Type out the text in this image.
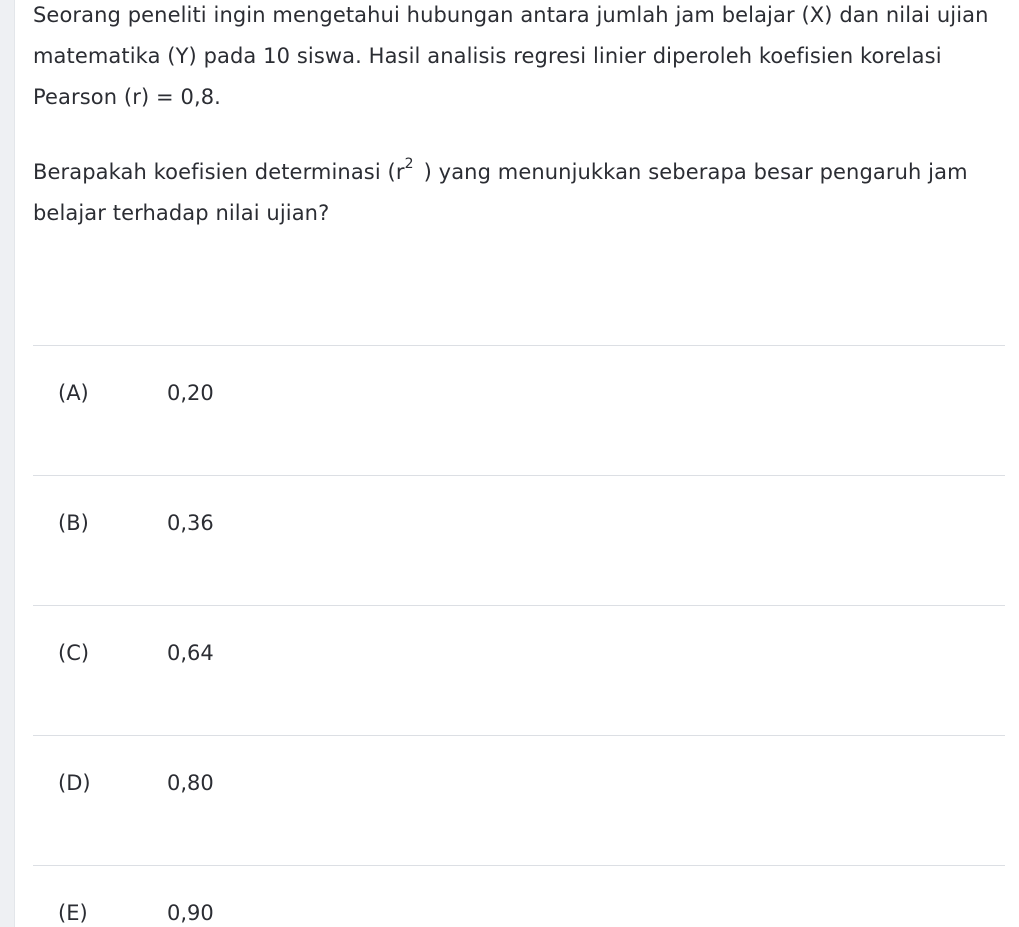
Seorang peneliti ingin mengetahui hubungan antara jumlah jam belajar (X) dan nilai ujian matematika (Y) pada 10 siswa. Hasil analisis regresi linier diperoleh koefisien korelasi Pearson (r) = 0,8.

Berapakah koefisien determinasi ($r^2$ ) yang menunjukkan seberapa besar pengaruh jam belajar terhadap nilai ujian?

(A)	0,20
(B)	0,36
(C)	0,64
(D)	0,80
(E)	0,90
